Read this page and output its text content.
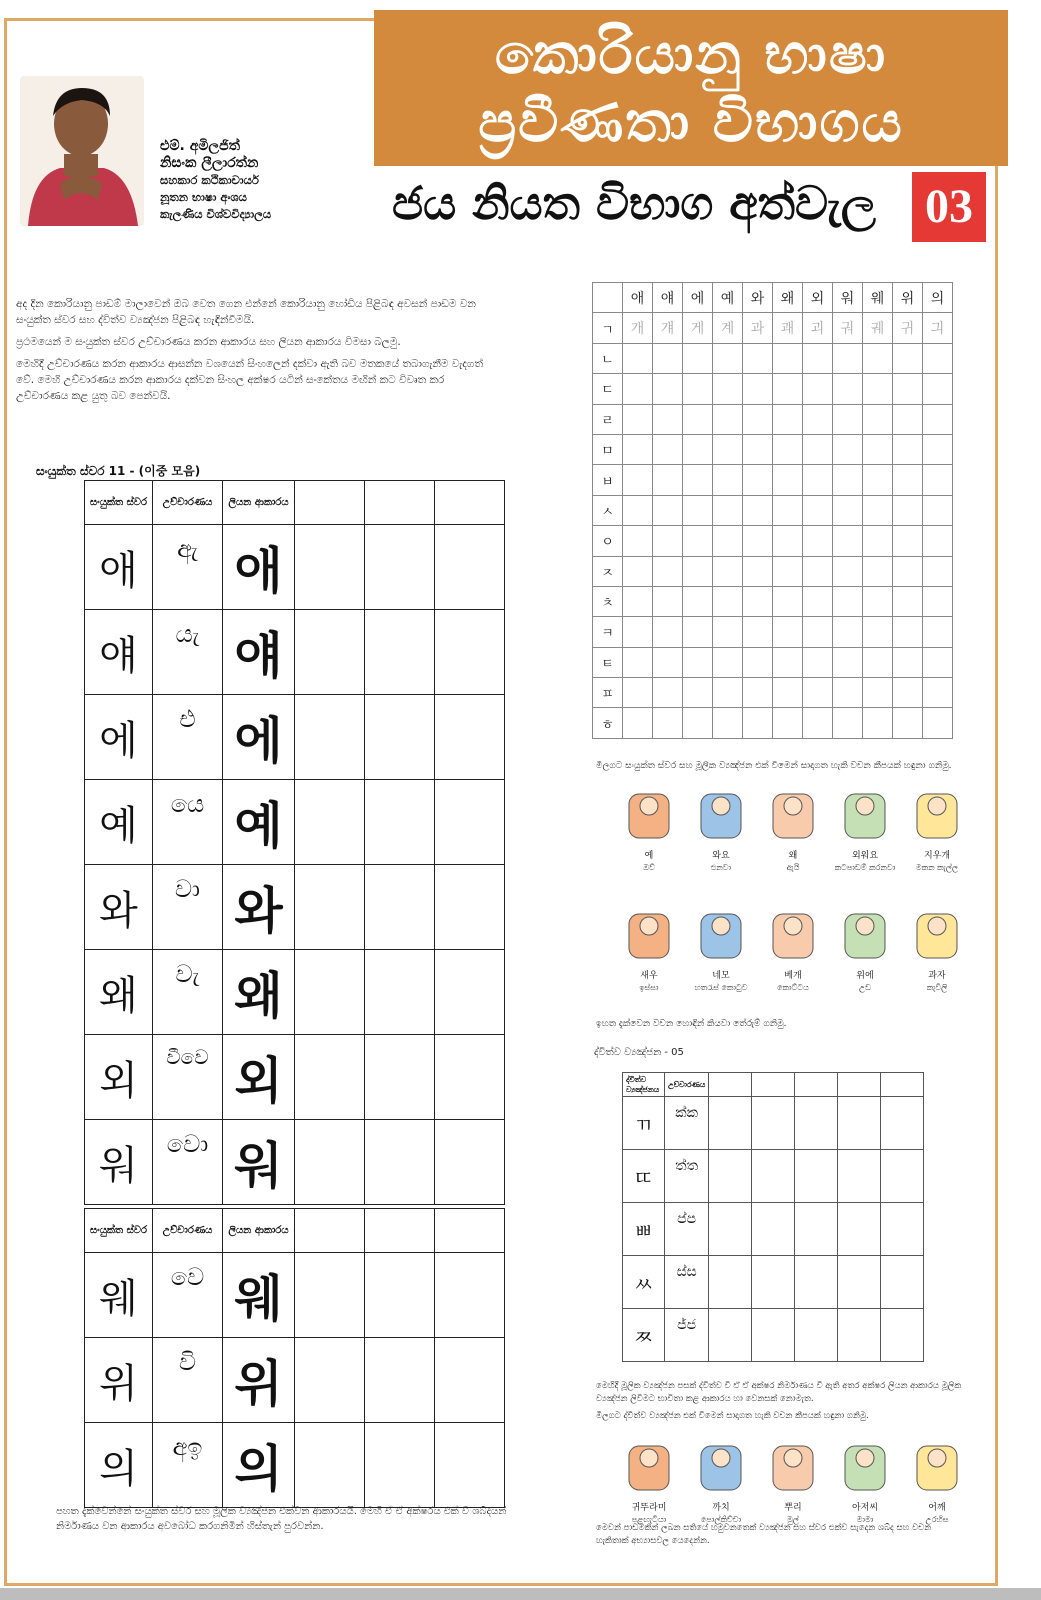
කොරියානු භාෂා
ප්‍රවීණතා විභාගය
ජය නියත විභාග අත්වැල	03
එම්. අමිලජිත්
නිසංක ලීලාරත්න
සහකාර කථිකාචාර්ය
නූතන භාෂා අංශය
කැලණිය විශ්වවිද්‍යාලය

අද දින කොරියානු පාඩම් මාලාවෙන් ඔබ වෙත ගෙන එන්නේ කොරියානු හෝඩිය පිළිබඳ අවසන් පාඩම වන සංයුක්ත ස්වර සහ ද්විත්ව ව්‍යඤ්ජන පිළිබඳ හැඳින්වීමයි.

ප්‍රථමයෙන් ම සංයුක්ත ස්වර උච්චාරණය කරන ආකාරය සහ ලියන ආකාරය විමසා බලමු.

මෙහිදී උච්චාරණය කරන ආකාරය ආසන්න වශයෙන් සිංහලෙන් දක්වා ඇති බව මතකයේ තබාගැනීම වැදගත් වේ. මෙහි උච්චාරණය කරන ආකාරය දක්වන සිංහල අක්ෂර යටින් සංකේතය මඟින් කට විවෘත කර උච්චාරණය කළ යුතු බව පෙන්වයි.

සංයුක්ත ස්වර 11 - (이중 모음)
සංයුක්ත ස්වර	උච්චාරණය	ලියන ආකාරය			
애	ඇ	애			
얘	යැ	얘			
에	එ	에			
예	යෙ	예			
와	වා	와			
왜	වැ	왜			
외	වීවෙ	외			
워	වො	워			
සංයුක්ත ස්වර	උච්චාරණය	ලියන ආකාරය			
웨	වෙ	웨			
위	වි	위			
의	අඉ	의			
පහත දැක්වෙන්නේ සංයුක්ත ස්වර සහ මූලික ව්‍යඤ්ජන එක්වන ආකාරයයි. මෙහි ඒ ඒ අක්ෂරය එක් වී ශබ්දයන් නිර්මාණය වන ආකාරය අවබෝධ කරගනිමින් හිස්තැන් පුරවන්න.
	애	얘	에	예	와	왜	외	워	웨	위	의
ㄱ	개	걔	게	계	과	괘	괴	궈	궤	귀	긔
ㄴ											
ㄷ											
ㄹ											
ㅁ											
ㅂ											
ㅅ											
ㅇ											
ㅈ											
ㅊ											
ㅋ											
ㅌ											
ㅍ											
ㅎ											
මීලගට සංයුක්ත ස්වර සහ මූලික ව්‍යඤ්ජන එක් වීමෙන් සාදාගත හැකි වචන කීපයක් හඳුනා ගනිමු.
예
ඔව්
와요
එනවා
왜
ඇයි
외워요
කටපාඩම් කරනවා
지우개
මකන කැල්ල
새우
ඉස්සා
네모
හතරැස් කොටුව
베개
කොට්ටය
위에
උඩ
과자
කැවිලි
ඉහත දැක්වෙන වචන හොඳින් කියවා තේරුම් ගනිමු.
ද්විත්ව ව්‍යඤ්ජන - 05
ද්විත්ව ව්‍යඤ්ජනය	උච්චාරණය					
ㄲ	ක්ක					
ㄸ	ත්ත					
ㅃ	ප්ප					
ㅆ	ස්ස					
ㅉ	ජ්ජ					
මෙහිදී මූලික ව්‍යඤ්ජන පසක් ද්විත්ව වී ඒ ඒ අක්ෂර නිර්මාණය වී ඇති අතර අක්ෂර ලියන ආකාරය මූලික ව්‍යඤ්ජන ලිවීමට භාවිතා කළ ආකාරය හා වෙනසක් නොමැත.
මීලගට ද්විත්ව ව්‍යඤ්ජන එක් වීමෙන් සාදාගත හැකි වචන කීපයක් හඳුනා ගනිමු.
귀뚜라미
පළඟැටියා
까치
පොල්කිච්චා
뿌리
මුල්
아저씨
මාමා
어깨
උරහිස
මෙවන් පාඩමකින් ලබන සතියේ හමුවනතෙක් ව්‍යඤ්ජන සහ ස්වර එක්ව සැදෙන ශබ්ද සහ වචන හැකිතාක් අභ්‍යාසවල යෙදෙන්න.
